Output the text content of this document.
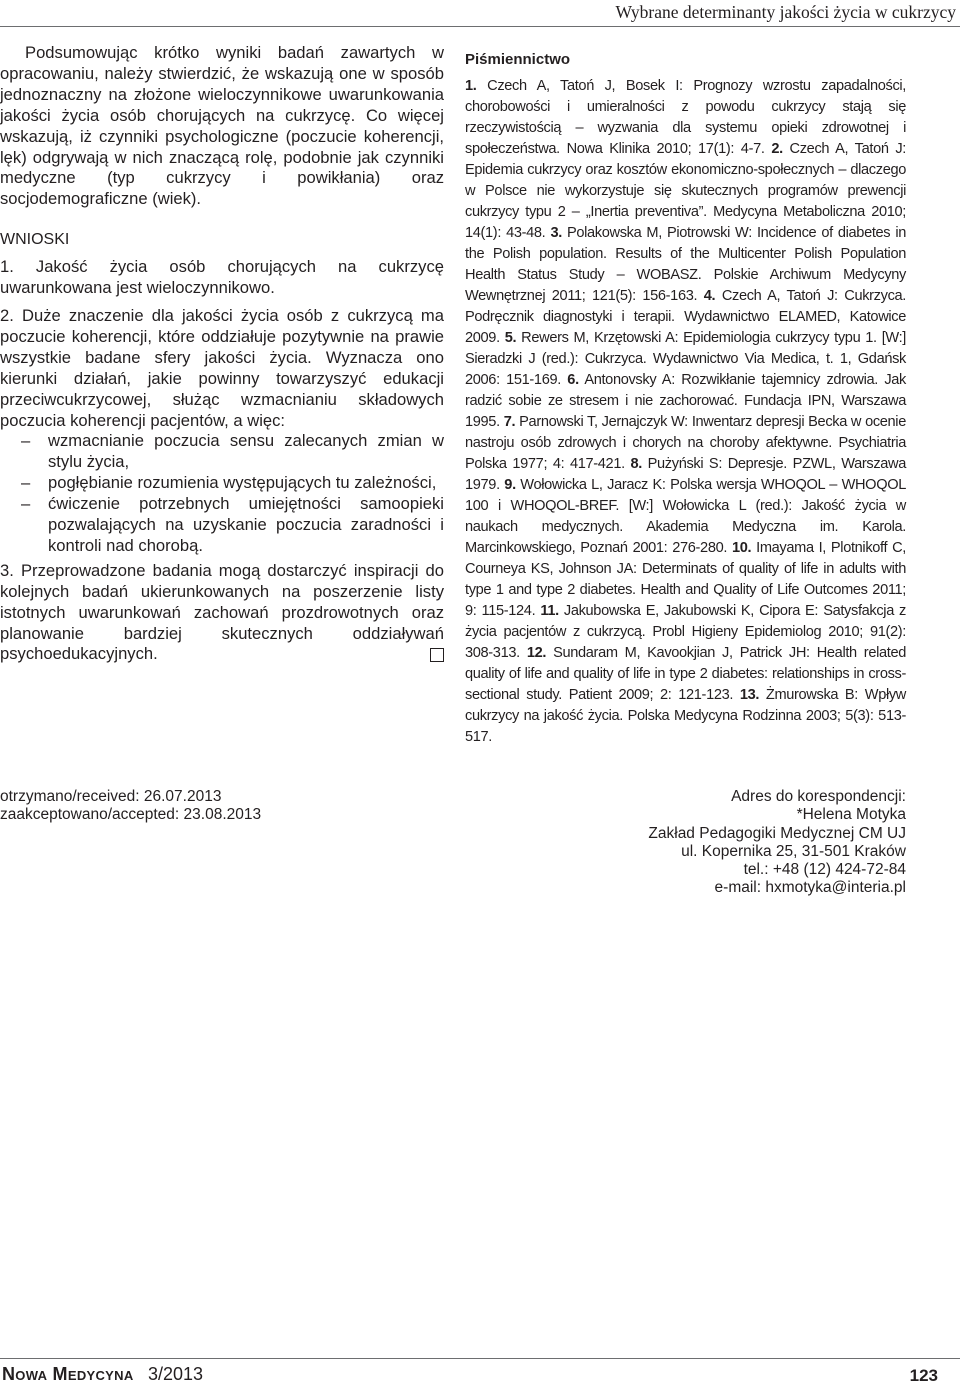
Wybrane determinanty jakości życia w cukrzycy

Podsumowując krótko wyniki badań zawartych w opracowaniu, należy stwierdzić, że wskazują one w sposób jednoznaczny na złożone wieloczynnikowe uwarunkowania jakości życia osób chorujących na cukrzycę. Co więcej wskazują, iż czynniki psychologiczne (poczucie koherencji, lęk) odgrywają w nich znaczącą rolę, podobnie jak czynniki medyczne (typ cukrzycy i powikłania) oraz socjodemograficzne (wiek).

WNIOSKI

1. Jakość życia osób chorujących na cukrzycę uwarunkowana jest wieloczynnikowo.

2. Duże znaczenie dla jakości życia osób z cukrzycą ma poczucie koherencji, które oddziałuje pozytywnie na prawie wszystkie badane sfery jakości życia. Wyznacza ono kierunki działań, jakie powinny towarzyszyć edukacji przeciwcukrzycowej, służąc wzmacnianiu składowych poczucia koherencji pacjentów, a więc:

– wzmacnianie poczucia sensu zalecanych zmian w stylu życia,
– pogłębianie rozumienia występujących tu zależności,
– ćwiczenie potrzebnych umiejętności samoopieki pozwalających na uzyskanie poczucia zaradności i kontroli nad chorobą.

3. Przeprowadzone badania mogą dostarczyć inspiracji do kolejnych badań ukierunkowanych na poszerzenie listy istotnych uwarunkowań zachowań prozdrowotnych oraz planowanie bardziej skutecznych oddziaływań psychoedukacyjnych.

Piśmiennictwo

1. Czech A, Tatoń J, Bosek I: Prognozy wzrostu zapadalności, chorobowości i umieralności z powodu cukrzycy stają się rzeczywistością – wyzwania dla systemu opieki zdrowotnej i społeczeństwa. Nowa Klinika 2010; 17(1): 4-7. 2. Czech A, Tatoń J: Epidemia cukrzycy oraz kosztów ekonomiczno-społecznych – dlaczego w Polsce nie wykorzystuje się skutecznych programów prewencji cukrzycy typu 2 – „Inertia preventiva”. Medycyna Metaboliczna 2010; 14(1): 43-48. 3. Polakowska M, Piotrowski W: Incidence of diabetes in the Polish population. Results of the Multicenter Polish Population Health Status Study – WOBASZ. Polskie Archiwum Medycyny Wewnętrznej 2011; 121(5): 156-163. 4. Czech A, Tatoń J: Cukrzyca. Podręcznik diagnostyki i terapii. Wydawnictwo ELAMED, Katowice 2009. 5. Rewers M, Krzętowski A: Epidemiologia cukrzycy typu 1. [W:] Sieradzki J (red.): Cukrzyca. Wydawnictwo Via Medica, t. 1, Gdańsk 2006: 151-169. 6. Antonovsky A: Rozwikłanie tajemnicy zdrowia. Jak radzić sobie ze stresem i nie zachorować. Fundacja IPN, Warszawa 1995. 7. Parnowski T, Jernajczyk W: Inwentarz depresji Becka w ocenie nastroju osób zdrowych i chorych na choroby afektywne. Psychiatria Polska 1977; 4: 417-421. 8. Pużyński S: Depresje. PZWL, Warszawa 1979. 9. Wołowicka L, Jaracz K: Polska wersja WHOQOL – WHOQOL 100 i WHOQOL-BREF. [W:] Wołowicka L (red.): Jakość życia w naukach medycznych. Akademia Medyczna im. Karola. Marcinkowskiego, Poznań 2001: 276-280. 10. Imayama I, Plotnikoff C, Courneya KS, Johnson JA: Determinats of quality of life in adults with type 1 and type 2 diabetes. Health and Quality of Life Outcomes 2011; 9: 115-124. 11. Jakubowska E, Jakubowski K, Cipora E: Satysfakcja z życia pacjentów z cukrzycą. Probl Higieny Epidemiolog 2010; 91(2): 308-313. 12. Sundaram M, Kavookjian J, Patrick JH: Health related quality of life and quality of life in type 2 diabetes: relationships in cross-sectional study. Patient 2009; 2: 121-123. 13. Żmurowska B: Wpływ cukrzycy na jakość życia. Polska Medycyna Rodzinna 2003; 5(3): 513-517.

otrzymano/received: 26.07.2013
zaakceptowano/accepted: 23.08.2013
Adres do korespondencji:
*Helena Motyka
Zakład Pedagogiki Medycznej CM UJ
ul. Kopernika 25, 31-501 Kraków
tel.: +48 (12) 424-72-84
e-mail: hxmotyka@interia.pl
Nowa Medycyna 3/2013	123
